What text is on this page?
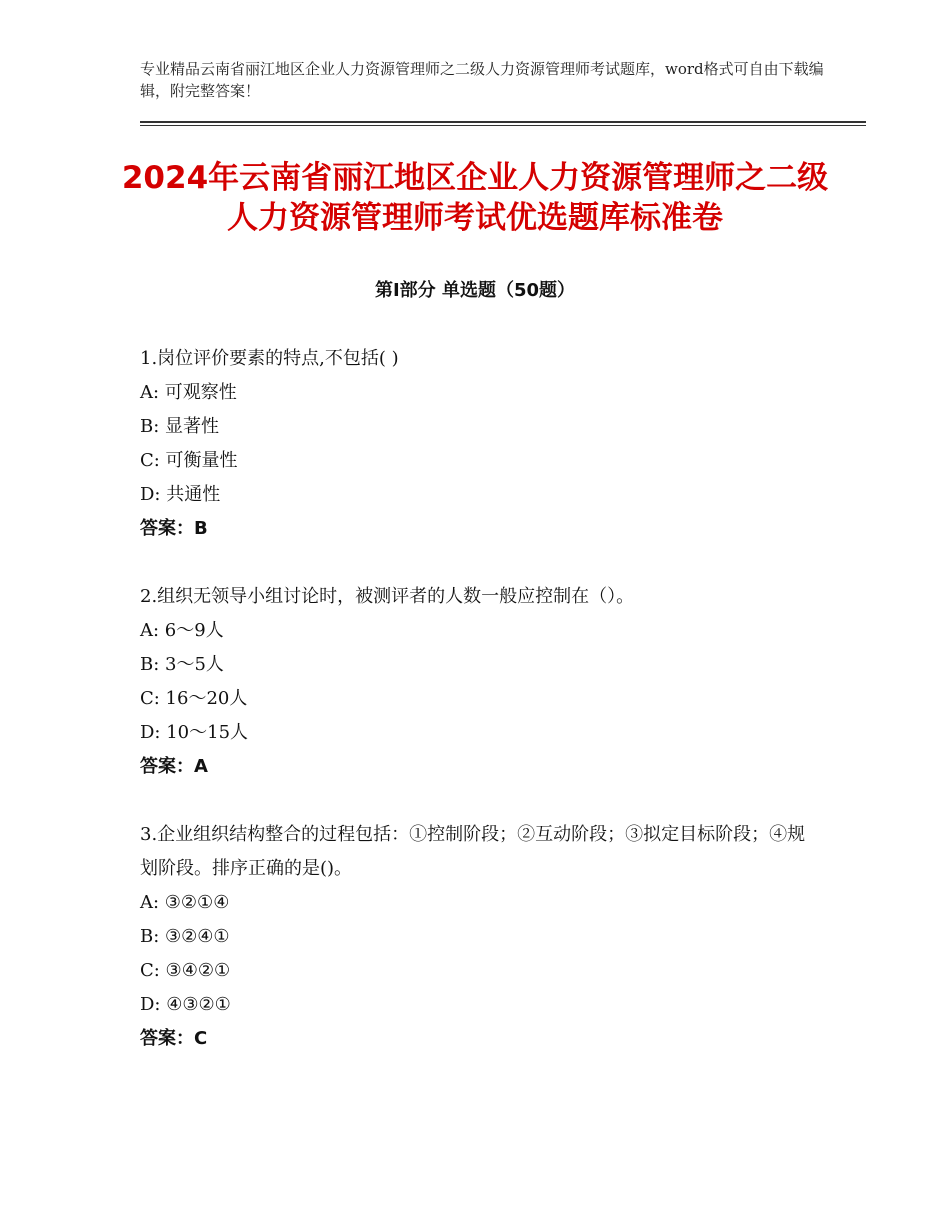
专业精品云南省丽江地区企业人力资源管理师之二级人力资源管理师考试题库，word格式可自由下载编辑，附完整答案！
2024年云南省丽江地区企业人力资源管理师之二级人力资源管理师考试优选题库标准卷
第Ⅰ部分 单选题（50题）
1.岗位评价要素的特点,不包括( )
A: 可观察性
B: 显著性
C: 可衡量性
D: 共通性
答案：B
2.组织无领导小组讨论时，被测评者的人数一般应控制在（）。
A: 6～9人
B: 3～5人
C: 16～20人
D: 10～15人
答案：A
3.企业组织结构整合的过程包括：①控制阶段；②互动阶段；③拟定目标阶段；④规划阶段。排序正确的是()。
A: ③②①④
B: ③②④①
C: ③④②①
D: ④③②①
答案：C
